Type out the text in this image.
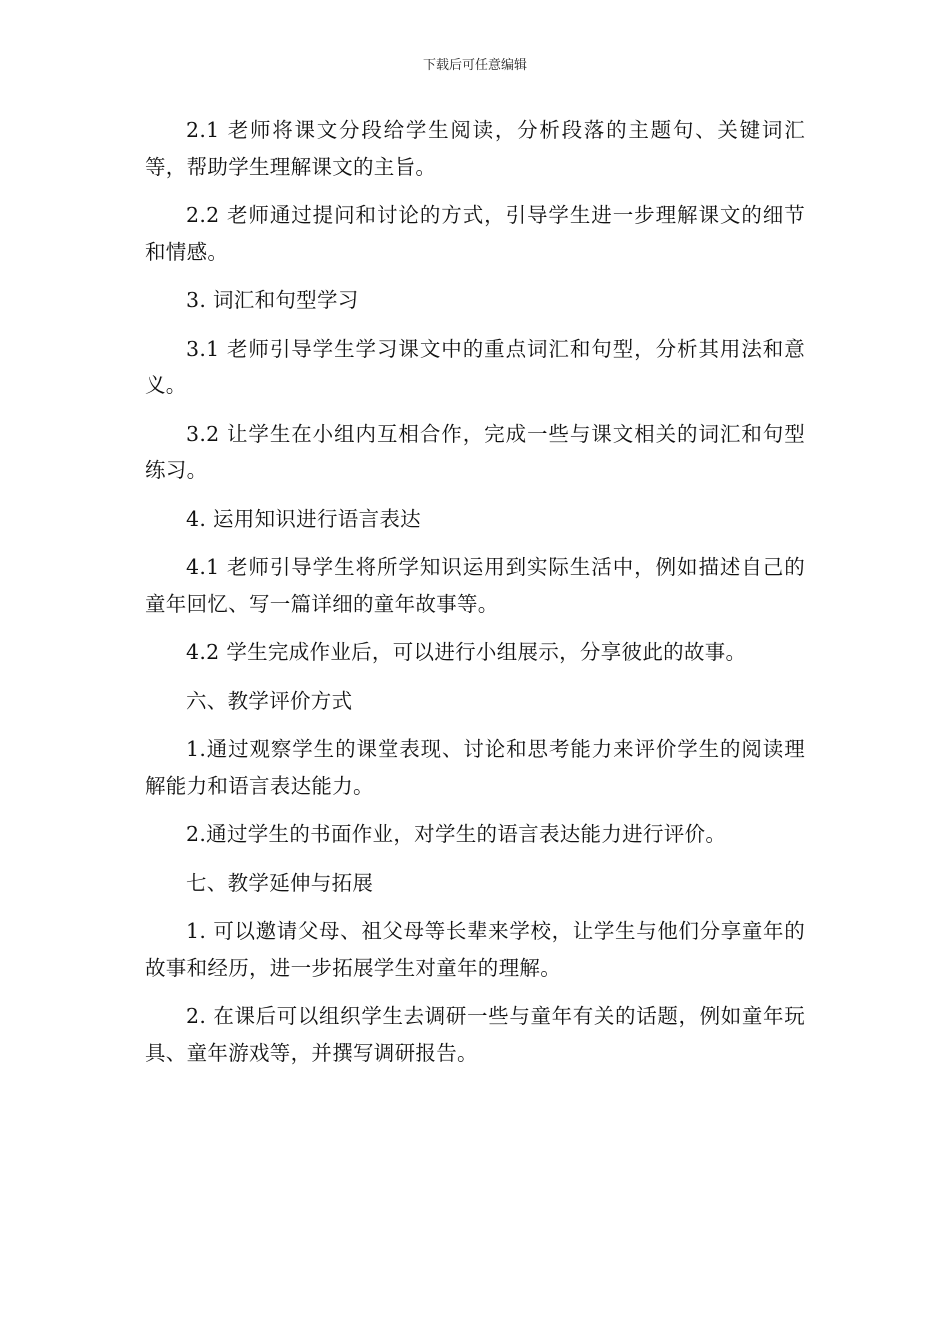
下载后可任意编辑

2.1 老师将课文分段给学生阅读，分析段落的主题句、关键词汇等，帮助学生理解课文的主旨。

2.2 老师通过提问和讨论的方式，引导学生进一步理解课文的细节和情感。

3. 词汇和句型学习

3.1 老师引导学生学习课文中的重点词汇和句型，分析其用法和意义。

3.2 让学生在小组内互相合作，完成一些与课文相关的词汇和句型练习。

4. 运用知识进行语言表达

4.1 老师引导学生将所学知识运用到实际生活中，例如描述自己的童年回忆、写一篇详细的童年故事等。

4.2 学生完成作业后，可以进行小组展示，分享彼此的故事。

六、教学评价方式

1.通过观察学生的课堂表现、讨论和思考能力来评价学生的阅读理解能力和语言表达能力。

2.通过学生的书面作业，对学生的语言表达能力进行评价。

七、教学延伸与拓展

1. 可以邀请父母、祖父母等长辈来学校，让学生与他们分享童年的故事和经历，进一步拓展学生对童年的理解。

2. 在课后可以组织学生去调研一些与童年有关的话题，例如童年玩具、童年游戏等，并撰写调研报告。
